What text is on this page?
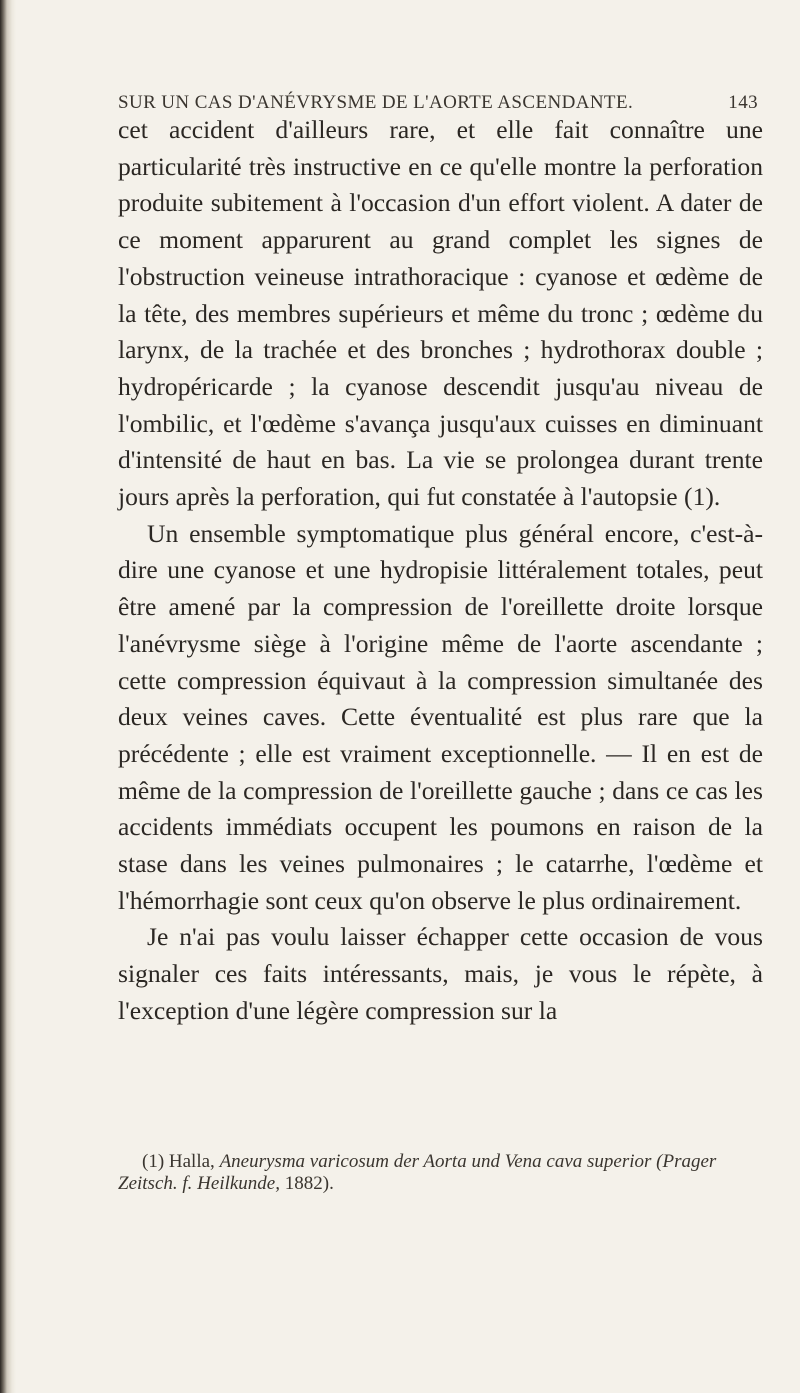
SUR UN CAS D'ANÉVRYSME DE L'AORTE ASCENDANTE.	143

cet accident d'ailleurs rare, et elle fait connaître une particularité très instructive en ce qu'elle montre la perforation produite subitement à l'occasion d'un effort violent. A dater de ce moment apparurent au grand complet les signes de l'obstruction veineuse intrathoracique : cyanose et œdème de la tête, des membres supérieurs et même du tronc ; œdème du larynx, de la trachée et des bronches ; hydrothorax double ; hydropéricarde ; la cyanose descendit jusqu'au niveau de l'ombilic, et l'œdème s'avança jusqu'aux cuisses en diminuant d'intensité de haut en bas. La vie se prolongea durant trente jours après la perforation, qui fut constatée à l'autopsie (1).

Un ensemble symptomatique plus général encore, c'est-à-dire une cyanose et une hydropisie littéralement totales, peut être amené par la compression de l'oreillette droite lorsque l'anévrysme siège à l'origine même de l'aorte ascendante ; cette compression équivaut à la compression simultanée des deux veines caves. Cette éventualité est plus rare que la précédente ; elle est vraiment exceptionnelle. — Il en est de même de la compression de l'oreillette gauche ; dans ce cas les accidents immédiats occupent les poumons en raison de la stase dans les veines pulmonaires ; le catarrhe, l'œdème et l'hémorrhagie sont ceux qu'on observe le plus ordinairement.

Je n'ai pas voulu laisser échapper cette occasion de vous signaler ces faits intéressants, mais, je vous le répète, à l'exception d'une légère compression sur la

(1) Halla, Aneurysma varicosum der Aorta und Vena cava superior (Prager Zeitsch. f. Heilkunde, 1882).
